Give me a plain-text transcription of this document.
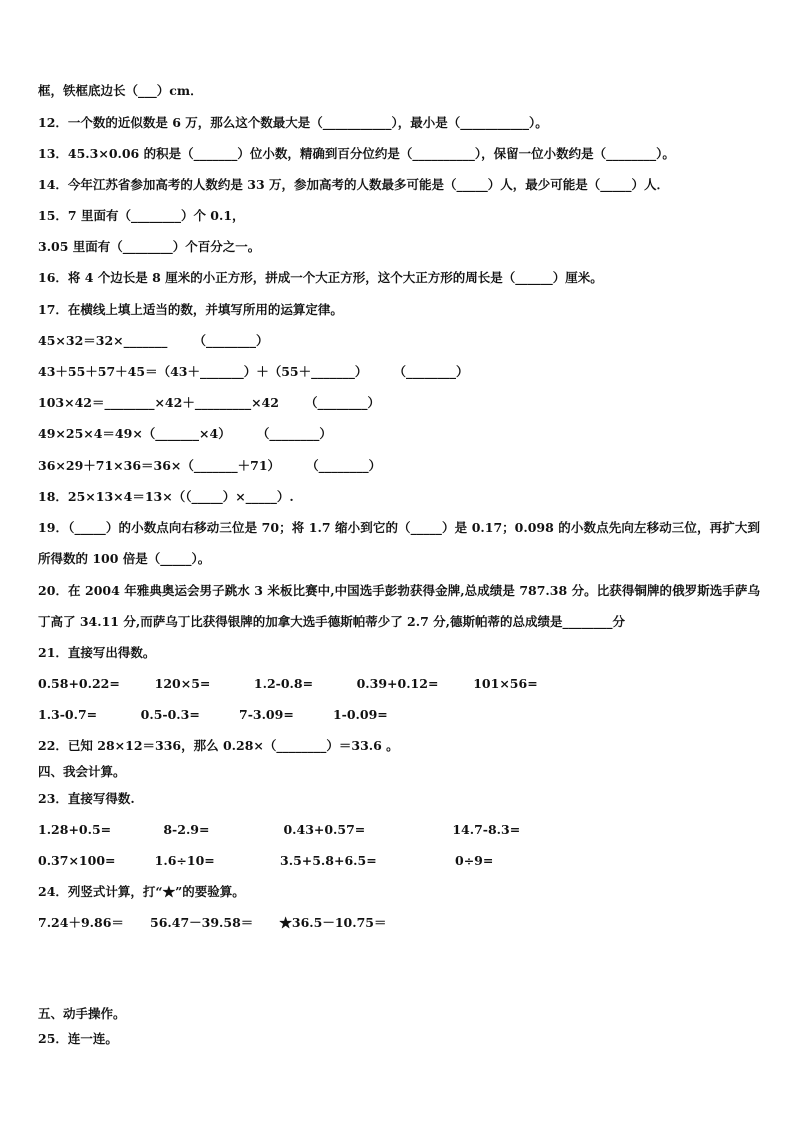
框，铁框底边长（___）cm．
12．一个数的近似数是 6 万，那么这个数最大是（___________），最小是（___________）。
13．45.3×0.06 的积是（_______）位小数，精确到百分位约是（__________），保留一位小数约是（________）。
14．今年江苏省参加高考的人数约是 33 万，参加高考的人数最多可能是（_____）人，最少可能是（_____）人．
15．7 里面有（________）个 0.1，
3.05 里面有（________）个百分之一。
16．将 4 个边长是 8 厘米的小正方形，拼成一个大正方形，这个大正方形的周长是（______）厘米。
17．在横线上填上适当的数，并填写所用的运算定律。
45×32＝32×_______      （________）
43＋55＋57＋45＝（43＋_______）＋（55＋_______）      （________）
103×42＝________×42＋_________×42      （________）
49×25×4＝49×（_______×4）      （________）
36×29＋71×36＝36×（_______＋71）      （________）
18．25×13×4＝13×（（_____）×_____）.
19．（_____）的小数点向右移动三位是 70；将 1.7 缩小到它的（_____）是 0.17；0.098 的小数点先向左移动三位，再扩大到所得数的 100 倍是（_____）。
20．在 2004 年雅典奥运会男子跳水 3 米板比赛中,中国选手彭勃获得金牌,总成绩是 787.38 分。比获得铜牌的俄罗斯选手萨乌丁高了 34.11 分,而萨乌丁比获得银牌的加拿大选手德斯帕蒂少了 2.7 分,德斯帕蒂的总成绩是________分
21．直接写出得数。
0.58+0.22=        120×5=          1.2-0.8=          0.39+0.12=        101×56=
1.3-0.7=          0.5-0.3=         7-3.09=         1-0.09=
22．已知 28×12＝336，那么 0.28×（________）＝33.6 。
四、我会计算。
23．直接写得数.
1.28+0.5=            8-2.9=                 0.43+0.57=                    14.7-8.3=
0.37×100=         1.6÷10=               3.5+5.8+6.5=                  0÷9=
24．列竖式计算，打“★”的要验算。
7.24＋9.86＝      56.47－39.58＝      ★36.5－10.75＝
五、动手操作。
25．连一连。
